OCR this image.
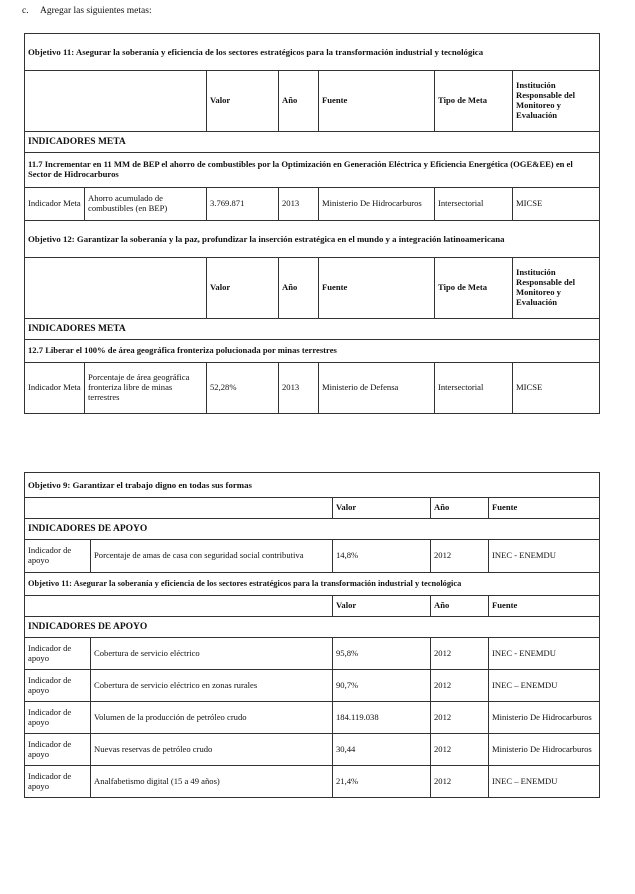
c. Agregar las siguientes metas:
Objetivo 11: Asegurar la soberanía y eficiencia de los sectores estratégicos para la transformación industrial y tecnológica						
		Valor	Año	Fuente	Tipo de Meta	Institución Responsable del Monitoreo y Evaluación
INDICADORES META						
11.7 Incrementar en 11 MM de BEP el ahorro de combustibles por la Optimización en Generación Eléctrica y Eficiencia Energética (OGE&EE) en el Sector de Hidrocarburos						
Indicador Meta	Ahorro acumulado de combustibles (en BEP)	3.769.871	2013	Ministerio De Hidrocarburos	Intersectorial	MICSE
Objetivo 12: Garantizar la soberanía y la paz, profundizar la inserción estratégica en el mundo y a integración latinoamericana						
		Valor	Año	Fuente	Tipo de Meta	Institución Responsable del Monitoreo y Evaluación
INDICADORES META						
12.7 Liberar el 100% de área geográfica fronteriza polucionada por minas terrestres						
Indicador Meta	Porcentaje de área geográfica fronteriza libre de minas terrestres	52,28%	2013	Ministerio de Defensa	Intersectorial	MICSE
Objetivo 9: Garantizar el trabajo digno en todas sus formas				
		Valor	Año	Fuente
INDICADORES DE APOYO				
Indicador de apoyo	Porcentaje de amas de casa con seguridad social contributiva	14,8%	2012	INEC - ENEMDU
Objetivo 11: Asegurar la soberanía y eficiencia de los sectores estratégicos para la transformación industrial y tecnológica				
		Valor	Año	Fuente
INDICADORES DE APOYO				
Indicador de apoyo	Cobertura de servicio eléctrico	95,8%	2012	INEC - ENEMDU
Indicador de apoyo	Cobertura de servicio eléctrico en zonas rurales	90,7%	2012	INEC – ENEMDU
Indicador de apoyo	Volumen de la producción de petróleo crudo	184.119.038	2012	Ministerio De Hidrocarburos
Indicador de apoyo	Nuevas reservas de petróleo crudo	30,44	2012	Ministerio De Hidrocarburos
Indicador de apoyo	Analfabetismo digital (15 a 49 años)	21,4%	2012	INEC – ENEMDU
